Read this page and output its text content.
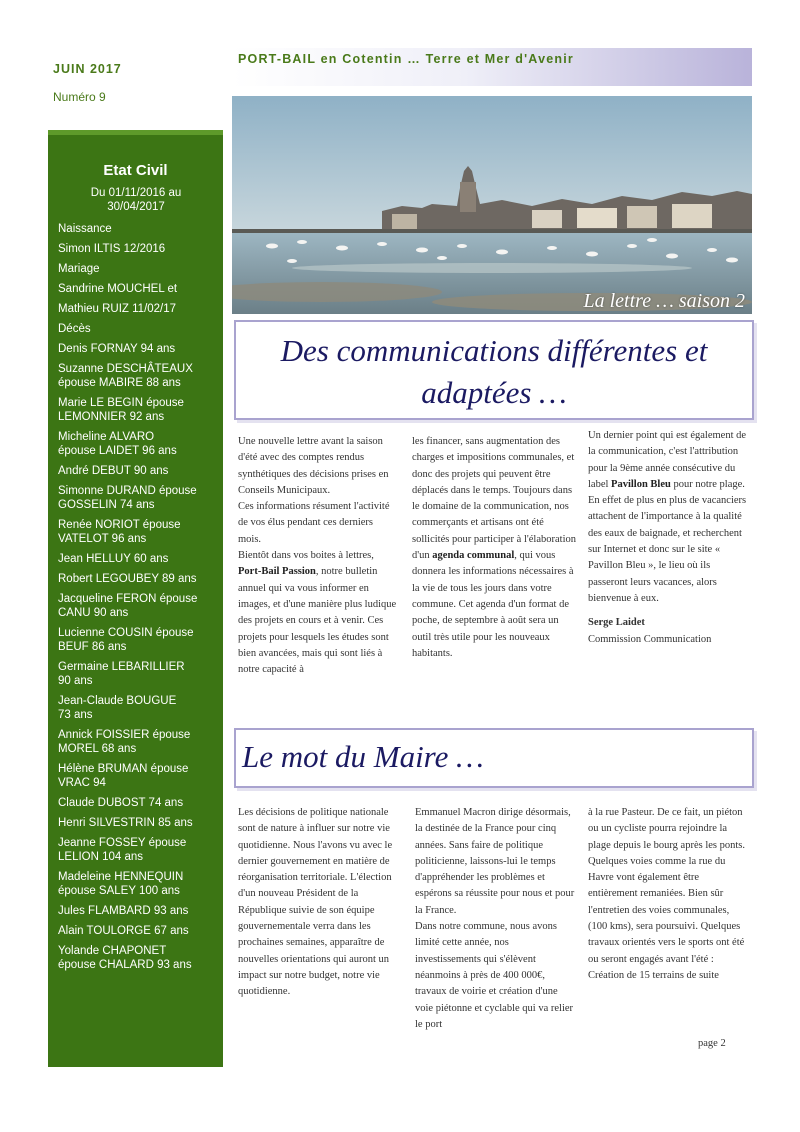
JUIN 2017
Numéro 9
PORT-BAIL en Cotentin … Terre et Mer d'Avenir
Etat Civil
Du 01/11/2016 au 30/04/2017
Naissance
Simon ILTIS 12/2016
Mariage
Sandrine MOUCHEL et
Mathieu RUIZ 11/02/17
Décès
Denis FORNAY 94 ans
Suzanne DESCHÂTEAUX
épouse MABIRE 88 ans
Marie LE BEGIN épouse
LEMONNIER 92 ans
Micheline ALVARO
épouse LAIDET 96 ans
André DEBUT 90 ans
Simonne DURAND épouse
GOSSELIN 74 ans
Renée NORIOT épouse
VATELOT 96 ans
Jean HELLUY 60 ans
Robert LEGOUBEY 89 ans
Jacqueline FERON épouse
CANU 90 ans
Lucienne COUSIN épouse
BEUF 86 ans
Germaine LEBARILLIER
90 ans
Jean-Claude BOUGUE
73 ans
Annick FOISSIER épouse
MOREL 68 ans
Hélène BRUMAN épouse
VRAC 94
Claude DUBOST 74 ans
Henri SILVESTRIN 85 ans
Jeanne FOSSEY épouse
LELION 104 ans
Madeleine HENNEQUIN
épouse SALEY 100 ans
Jules FLAMBARD 93 ans
Alain TOULORGE 67 ans
Yolande CHAPONET
épouse CHALARD 93 ans
La lettre … saison 2
Des communications différentes et adaptées …

Une nouvelle lettre avant la saison d'été avec des comptes rendus synthétiques des décisions prises en Conseils Municipaux.

Ces informations résument l'activité de vos élus pendant ces derniers mois.

Bientôt dans vos boites à lettres, Port-Bail Passion, notre bulletin annuel qui va vous informer en images, et d'une manière plus ludique des projets en cours et à venir. Ces projets pour lesquels les études sont bien avancées, mais qui sont liés à notre capacité à

les financer, sans augmentation des charges et impositions communales, et donc des projets qui peuvent être déplacés dans le temps. Toujours dans le domaine de la communication, nos commerçants et artisans ont été sollicités pour participer à l'élaboration d'un agenda communal, qui vous donnera les informations nécessaires à la vie de tous les jours dans votre commune. Cet agenda d'un format de poche, de septembre à août sera un outil très utile pour les nouveaux habitants.

Un dernier point qui est également de la communication, c'est l'attribution pour la 9ème année consécutive du label Pavillon Bleu pour notre plage. En effet de plus en plus de vacanciers attachent de l'importance à la qualité des eaux de baignade, et recherchent sur Internet et donc sur le site « Pavillon Bleu », le lieu où ils passeront leurs vacances, alors bienvenue à eux.

Serge Laidet

Commission Communication

Le mot du Maire …

Les décisions de politique nationale sont de nature à influer sur notre vie quotidienne. Nous l'avons vu avec le dernier gouvernement en matière de réorganisation territoriale. L'élection d'un nouveau Président de la République suivie de son équipe gouvernementale verra dans les prochaines semaines, apparaître de nouvelles orientations qui auront un impact sur notre budget, notre vie quotidienne.

Emmanuel Macron dirige désormais, la destinée de la France pour cinq années. Sans faire de politique politicienne, laissons-lui le temps d'appréhender les problèmes et espérons sa réussite pour nous et pour la France.
Dans notre commune, nous avons limité cette année, nos investissements qui s'élèvent néanmoins à près de 400 000€, travaux de voirie et création d'une voie piétonne et cyclable qui va relier le port

à la rue Pasteur. De ce fait, un piéton ou un cycliste pourra rejoindre la plage depuis le bourg après les ponts. Quelques voies comme la rue du Havre vont également être entièrement remaniées. Bien sûr l'entretien des voies communales, (100 kms), sera poursuivi. Quelques travaux orientés vers le sports ont été ou seront engagés avant l'été : Création de 15 terrains de suite

page 2
